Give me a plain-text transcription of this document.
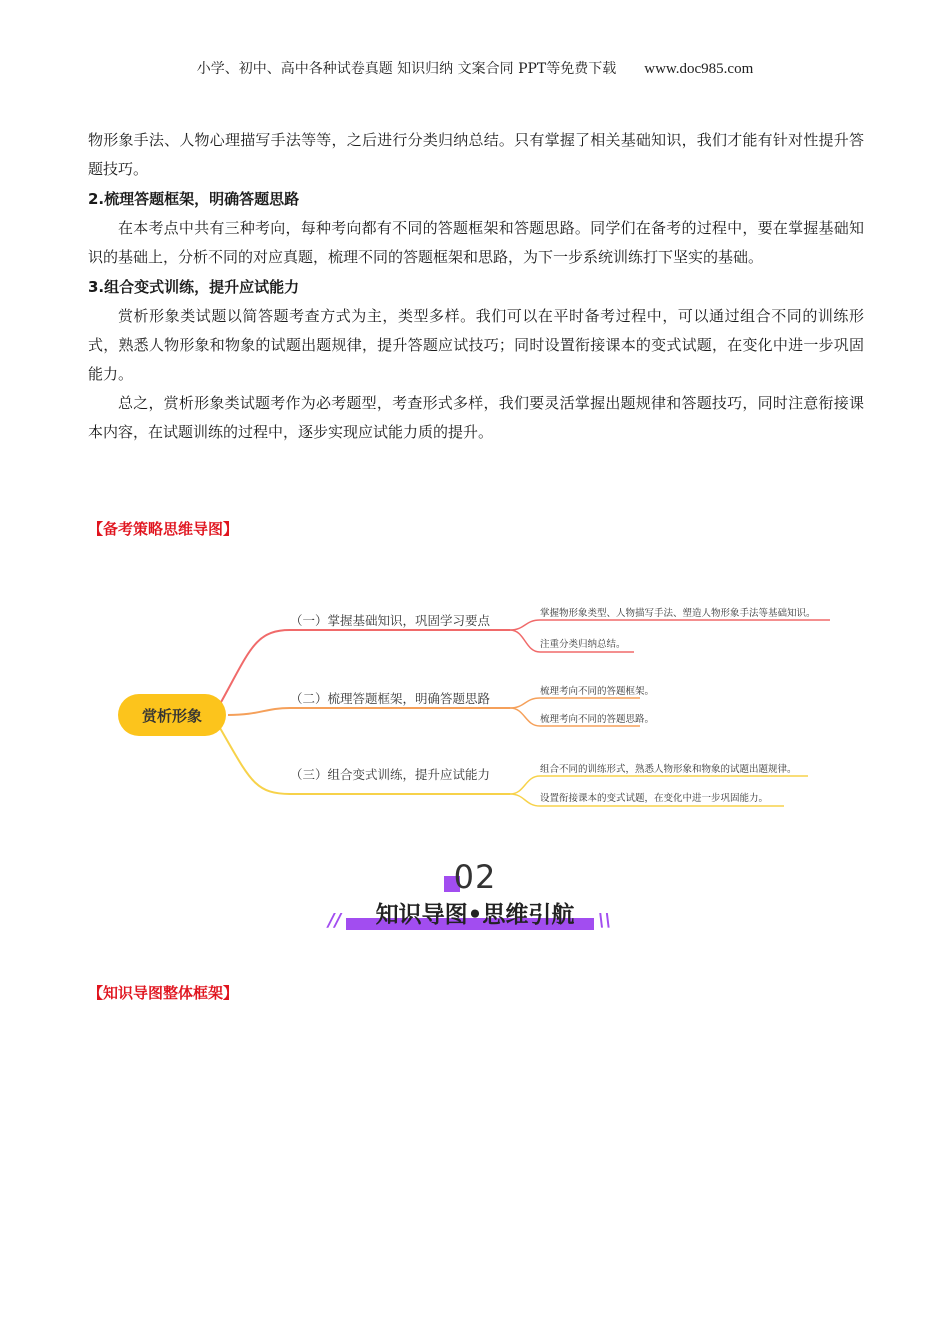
小学、初中、高中各种试卷真题 知识归纳 文案合同 PPT等免费下载 www.doc985.com

物形象手法、人物心理描写手法等等，之后进行分类归纳总结。只有掌握了相关基础知识，我们才能有针对性提升答题技巧。

2.梳理答题框架，明确答题思路

在本考点中共有三种考向，每种考向都有不同的答题框架和答题思路。同学们在备考的过程中，要在掌握基础知识的基础上，分析不同的对应真题，梳理不同的答题框架和思路，为下一步系统训练打下坚实的基础。

3.组合变式训练，提升应试能力

赏析形象类试题以简答题考查方式为主，类型多样。我们可以在平时备考过程中，可以通过组合不同的训练形式，熟悉人物形象和物象的试题出题规律，提升答题应试技巧；同时设置衔接课本的变式试题，在变化中进一步巩固能力。

总之，赏析形象类试题考作为必考题型，考查形式多样，我们要灵活掌握出题规律和答题技巧，同时注意衔接课本内容，在试题训练的过程中，逐步实现应试能力质的提升。

【备考策略思维导图】
赏析形象
（一）掌握基础知识，巩固学习要点
（二）梳理答题框架，明确答题思路
（三）组合变式训练，提升应试能力
掌握物形象类型、人物描写手法、塑造人物形象手法等基础知识。
注重分类归纳总结。
梳理考向不同的答题框架。
梳理考向不同的答题思路。
组合不同的训练形式，熟悉人物形象和物象的试题出题规律。
设置衔接课本的变式试题，在变化中进一步巩固能力。
02
//	知识导图•思维引航	\\
【知识导图整体框架】
